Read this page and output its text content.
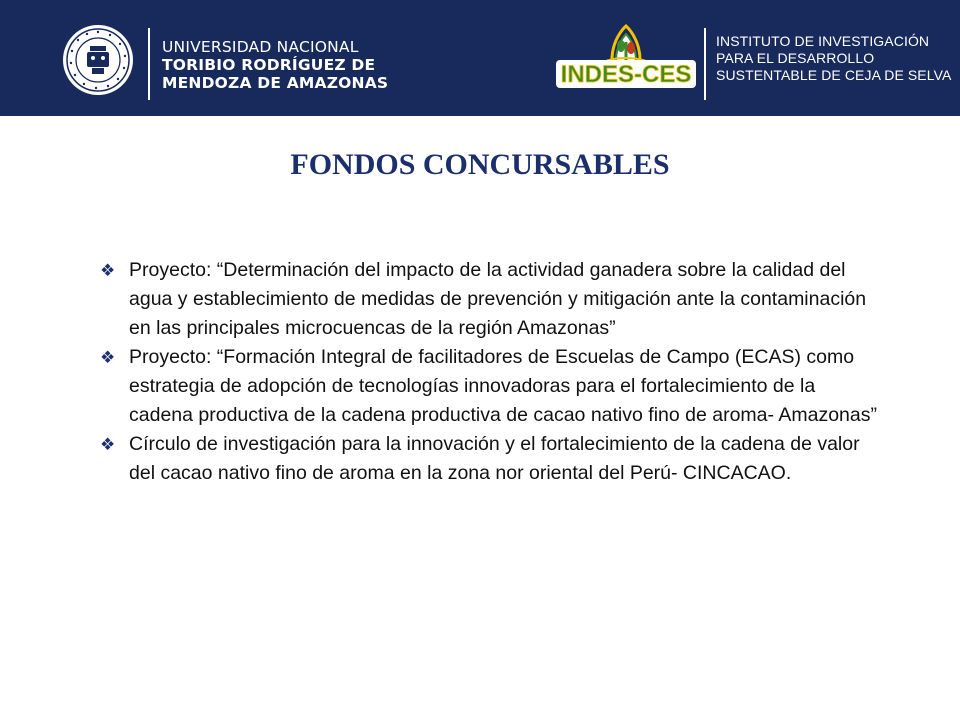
UNIVERSIDAD NACIONAL
TORIBIO RODRÍGUEZ DE
MENDOZA DE AMAZONAS	INDES-CES
INSTITUTO DE INVESTIGACIÓN
PARA EL DESARROLLO
SUSTENTABLE DE CEJA DE SELVA
FONDOS CONCURSABLES
❖ Proyecto: “Determinación del impacto de la actividad ganadera sobre la calidad del agua y establecimiento de medidas de prevención y mitigación ante la contaminación en las principales microcuencas de la región Amazonas”
❖ Proyecto: “Formación Integral de facilitadores de Escuelas de Campo (ECAS) como estrategia de adopción de tecnologías innovadoras para el fortalecimiento de la cadena productiva de la cadena productiva de cacao nativo fino de aroma- Amazonas”
❖ Círculo de investigación para la innovación y el fortalecimiento de la cadena de valor del cacao nativo fino de aroma en la zona nor oriental del Perú- CINCACAO.
